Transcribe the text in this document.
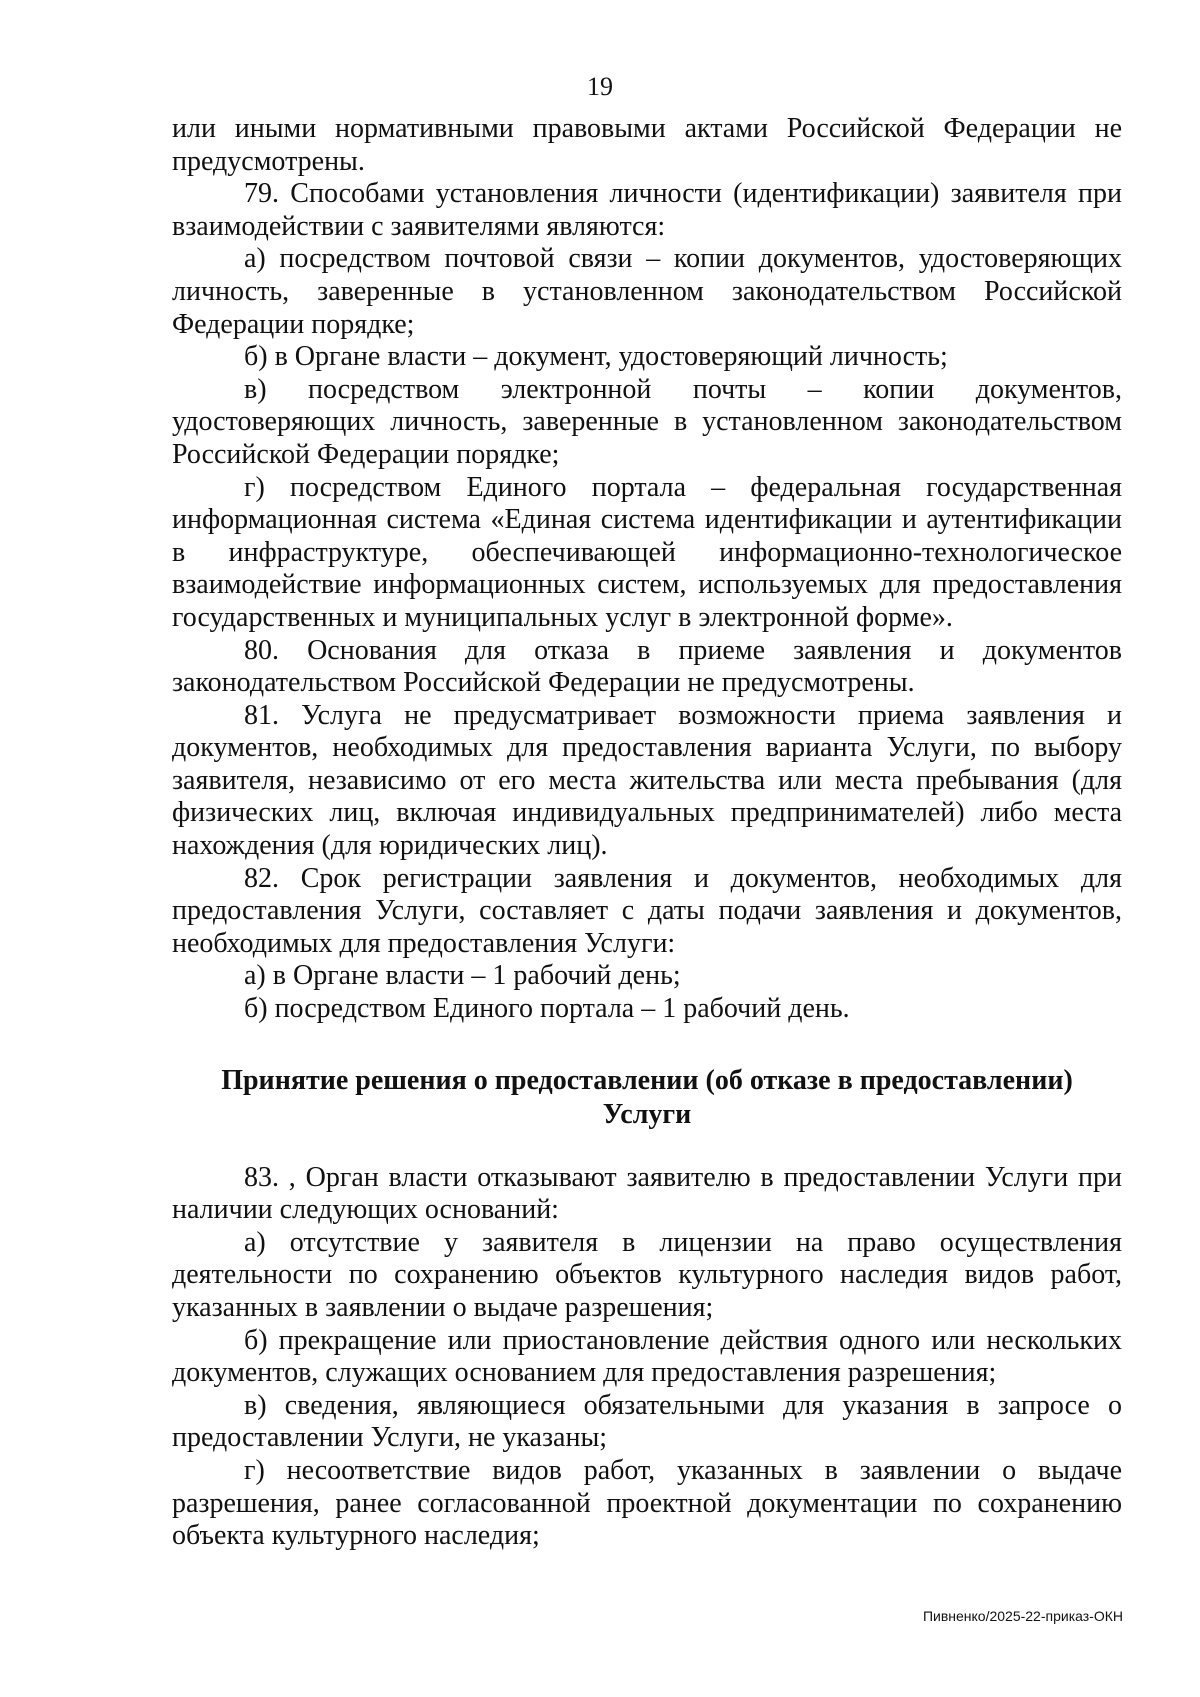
19

или иными нормативными правовыми актами Российской Федерации не предусмотрены.

79. Способами установления личности (идентификации) заявителя при взаимодействии с заявителями являются:

а) посредством почтовой связи – копии документов, удостоверяющих личность, заверенные в установленном законодательством Российской Федерации порядке;

б) в Органе власти – документ, удостоверяющий личность;

в) посредством электронной почты – копии документов, удостоверяющих личность, заверенные в установленном законодательством Российской Федерации порядке;

г) посредством Единого портала – федеральная государственная информационная система «Единая система идентификации и аутентификации в инфраструктуре, обеспечивающей информационно-технологическое взаимодействие информационных систем, используемых для предоставления государственных и муниципальных услуг в электронной форме».

80. Основания для отказа в приеме заявления и документов законодательством Российской Федерации не предусмотрены.

81. Услуга не предусматривает возможности приема заявления и документов, необходимых для предоставления варианта Услуги, по выбору заявителя, независимо от его места жительства или места пребывания (для физических лиц, включая индивидуальных предпринимателей) либо места нахождения (для юридических лиц).

82. Срок регистрации заявления и документов, необходимых для предоставления Услуги, составляет с даты подачи заявления и документов, необходимых для предоставления Услуги:

а) в Органе власти – 1 рабочий день;

б) посредством Единого портала – 1 рабочий день.

Принятие решения о предоставлении (об отказе в предоставлении)
Услуги

83. , Орган власти отказывают заявителю в предоставлении Услуги при наличии следующих оснований:

а) отсутствие у заявителя в лицензии на право осуществления деятельности по сохранению объектов культурного наследия видов работ, указанных в заявлении о выдаче разрешения;

б) прекращение или приостановление действия одного или нескольких документов, служащих основанием для предоставления разрешения;

в) сведения, являющиеся обязательными для указания в запросе о предоставлении Услуги, не указаны;

г) несоответствие видов работ, указанных в заявлении о выдаче разрешения, ранее согласованной проектной документации по сохранению объекта культурного наследия;

Пивненко/2025-22-приказ-ОКН
